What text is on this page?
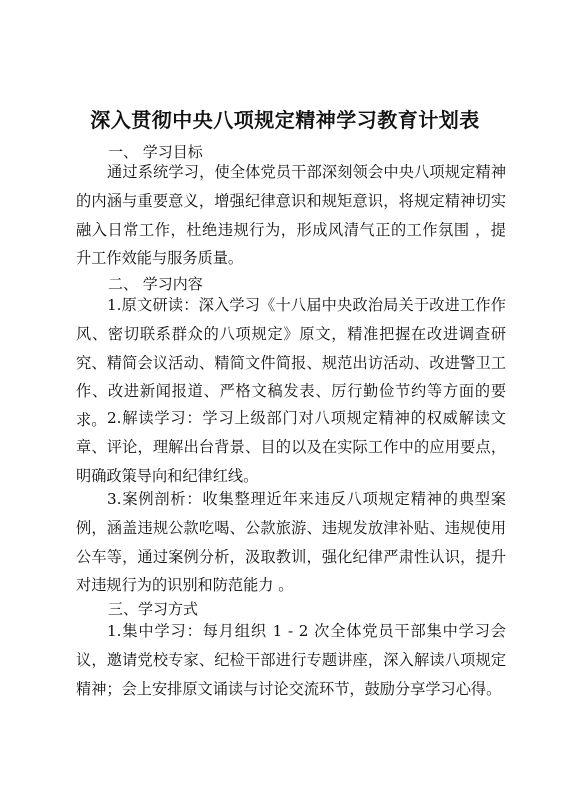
深入贯彻中央八项规定精神学习教育计划表
一、 学习目标
通过系统学习，使全体党员干部深刻领会中央八项规定精神的内涵与重要意义，增强纪律意识和规矩意识，将规定精神切实融入日常工作，杜绝违规行为，形成风清气正的工作氛围 ，提升工作效能与服务质量。
二、 学习内容
1.原文研读：深入学习《十八届中央政治局关于改进工作作风、密切联系群众的八项规定》原文，精准把握在改进调查研究、精简会议活动、精简文件简报、规范出访活动、改进警卫工作、改进新闻报道、严格文稿发表、厉行勤俭节约等方面的要求。 2.解读学习：学习上级部门对八项规定精神的权威解读文章、评论，理解出台背景、目的以及在实际工作中的应用要点，明确政策导向和纪律红线。
3.案例剖析：收集整理近年来违反八项规定精神的典型案例，涵盖违规公款吃喝、公款旅游、违规发放津补贴、违规使用公车等，通过案例分析，汲取教训，强化纪律严肃性认识，提升对违规行为的识别和防范能力 。
三、学习方式
1.集中学习：每月组织 1 - 2 次全体党员干部集中学习会议，邀请党校专家、纪检干部进行专题讲座，深入解读八项规定精神；会上安排原文诵读与讨论交流环节，鼓励分享学习心得。
